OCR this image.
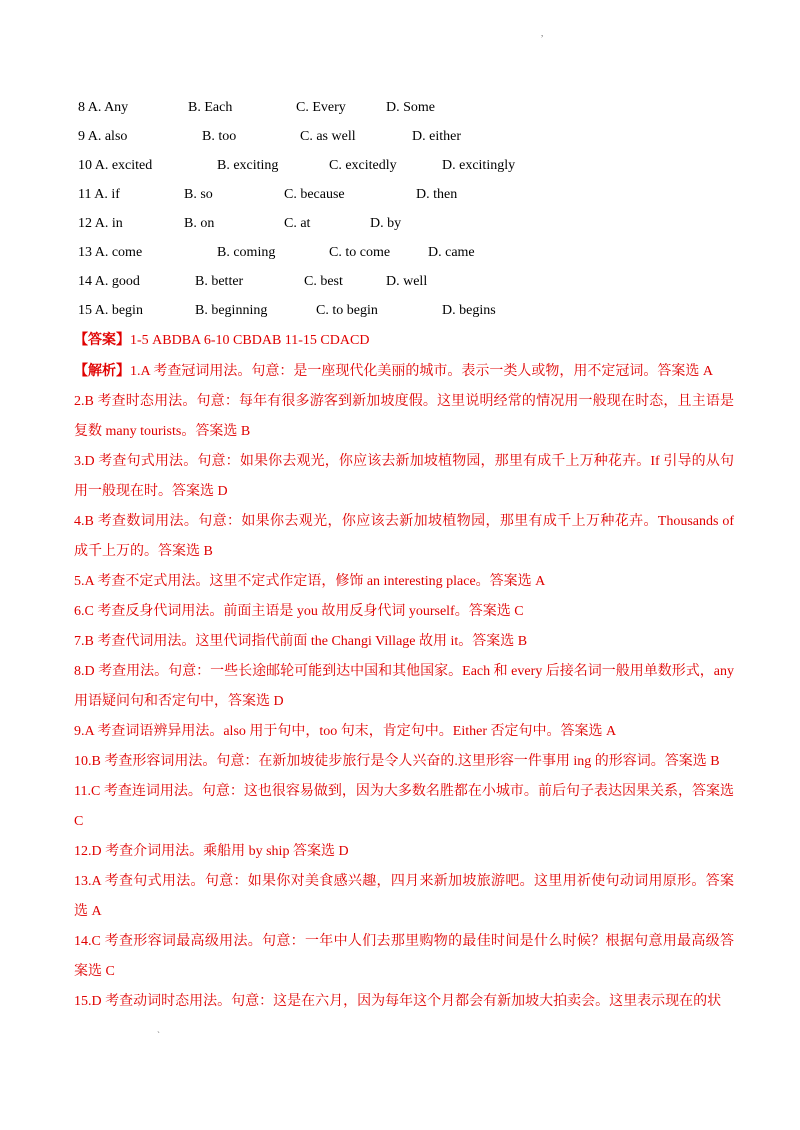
,
8 A. Any	B. Each	C. Every	D. Some
9 A. also	B. too	C. as well	D. either
10 A. excited	B. exciting	C. excitedly	D. excitingly
11 A. if	B. so	C. because	D. then
12 A. in	B. on	C. at	D. by
13 A. come	B. coming	C. to come	D. came
14 A. good	B. better	C. best	D. well
15 A. begin	B. beginning	C. to begin	D. begins
【答案】1-5 ABDBA 6-10 CBDAB 11-15 CDACD

【解析】1.A 考查冠词用法。句意：是一座现代化美丽的城市。表示一类人或物，用不定冠词。答案选 A

2.B 考查时态用法。句意：每年有很多游客到新加坡度假。这里说明经常的情况用一般现在时态，且主语是复数 many tourists。答案选 B

3.D 考查句式用法。句意：如果你去观光，你应该去新加坡植物园，那里有成千上万种花卉。If 引导的从句用一般现在时。答案选 D

4.B 考查数词用法。句意：如果你去观光，你应该去新加坡植物园，那里有成千上万种花卉。Thousands of 成千上万的。答案选 B

5.A 考查不定式用法。这里不定式作定语，修饰 an interesting place。答案选 A

6.C 考查反身代词用法。前面主语是 you 故用反身代词 yourself。答案选 C

7.B 考查代词用法。这里代词指代前面 the Changi Village 故用 it。答案选 B

8.D 考查用法。句意：一些长途邮轮可能到达中国和其他国家。Each 和 every 后接名词一般用单数形式，any 用语疑问句和否定句中，答案选 D

9.A 考查词语辨异用法。also 用于句中，too 句末，肯定句中。Either 否定句中。答案选 A

10.B 考查形容词用法。句意：在新加坡徒步旅行是令人兴奋的.这里形容一件事用 ing 的形容词。答案选 B

11.C 考查连词用法。句意：这也很容易做到，因为大多数名胜都在小城市。前后句子表达因果关系，答案选 C

12.D 考查介词用法。乘船用 by ship 答案选 D

13.A 考查句式用法。句意：如果你对美食感兴趣，四月来新加坡旅游吧。这里用祈使句动词用原形。答案选 A

14.C 考查形容词最高级用法。句意：一年中人们去那里购物的最佳时间是什么时候？根据句意用最高级答案选 C

15.D 考查动词时态用法。句意：这是在六月，因为每年这个月都会有新加坡大拍卖会。这里表示现在的状

`
